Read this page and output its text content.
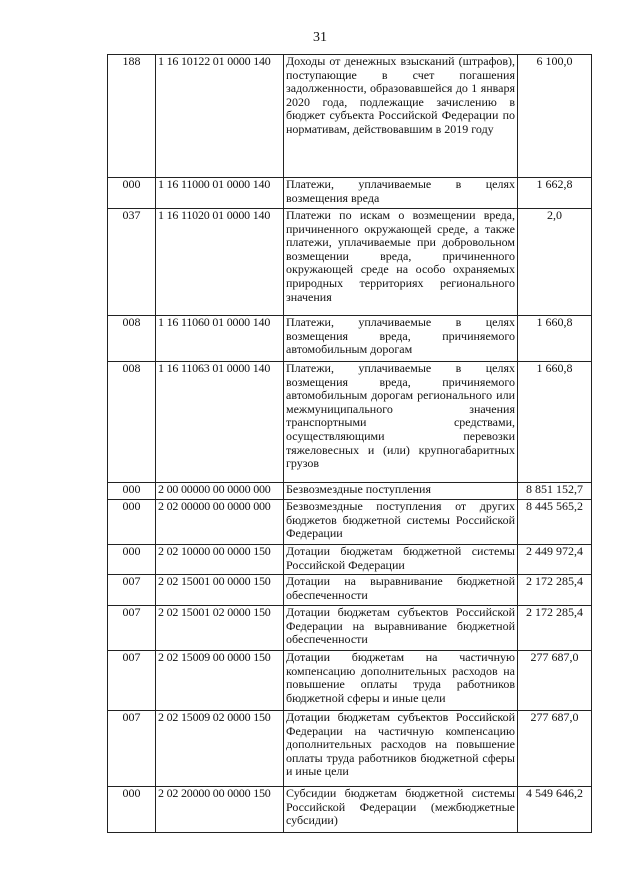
31
188	1 16 10122 01 0000 140	Доходы от денежных взысканий (штрафов), поступающие в счет погашения задолженности, образовавшейся до 1 января 2020 года, подлежащие зачислению в бюджет субъекта Российской Федерации по нормативам, действовавшим в 2019 году	6 100,0
000	1 16 11000 01 0000 140	Платежи, уплачиваемые в целях возмещения вреда	1 662,8
037	1 16 11020 01 0000 140	Платежи по искам о возмещении вреда, причиненного окружающей среде, а также платежи, уплачиваемые при добровольном возмещении вреда, причиненного окружающей среде на особо охраняемых природных территориях регионального значения	2,0
008	1 16 11060 01 0000 140	Платежи, уплачиваемые в целях возмещения вреда, причиняемого автомобильным дорогам	1 660,8
008	1 16 11063 01 0000 140	Платежи, уплачиваемые в целях возмещения вреда, причиняемого автомобильным дорогам регионального или межмуниципального значения транспортными средствами, осуществляющими перевозки тяжеловесных и (или) крупногабаритных грузов	1 660,8
000	2 00 00000 00 0000 000	Безвозмездные поступления	8 851 152,7
000	2 02 00000 00 0000 000	Безвозмездные поступления от других бюджетов бюджетной системы Российской Федерации	8 445 565,2
000	2 02 10000 00 0000 150	Дотации бюджетам бюджетной системы Российской Федерации	2 449 972,4
007	2 02 15001 00 0000 150	Дотации на выравнивание бюджетной обеспеченности	2 172 285,4
007	2 02 15001 02 0000 150	Дотации бюджетам субъектов Российской Федерации на выравнивание бюджетной обеспеченности	2 172 285,4
007	2 02 15009 00 0000 150	Дотации бюджетам на частичную компенсацию дополнительных расходов на повышение оплаты труда работников бюджетной сферы и иные цели	277 687,0
007	2 02 15009 02 0000 150	Дотации бюджетам субъектов Российской Федерации на частичную компенсацию дополнительных расходов на повышение оплаты труда работников бюджетной сферы и иные цели	277 687,0
000	2 02 20000 00 0000 150	Субсидии бюджетам бюджетной системы Российской Федерации (межбюджетные субсидии)	4 549 646,2
